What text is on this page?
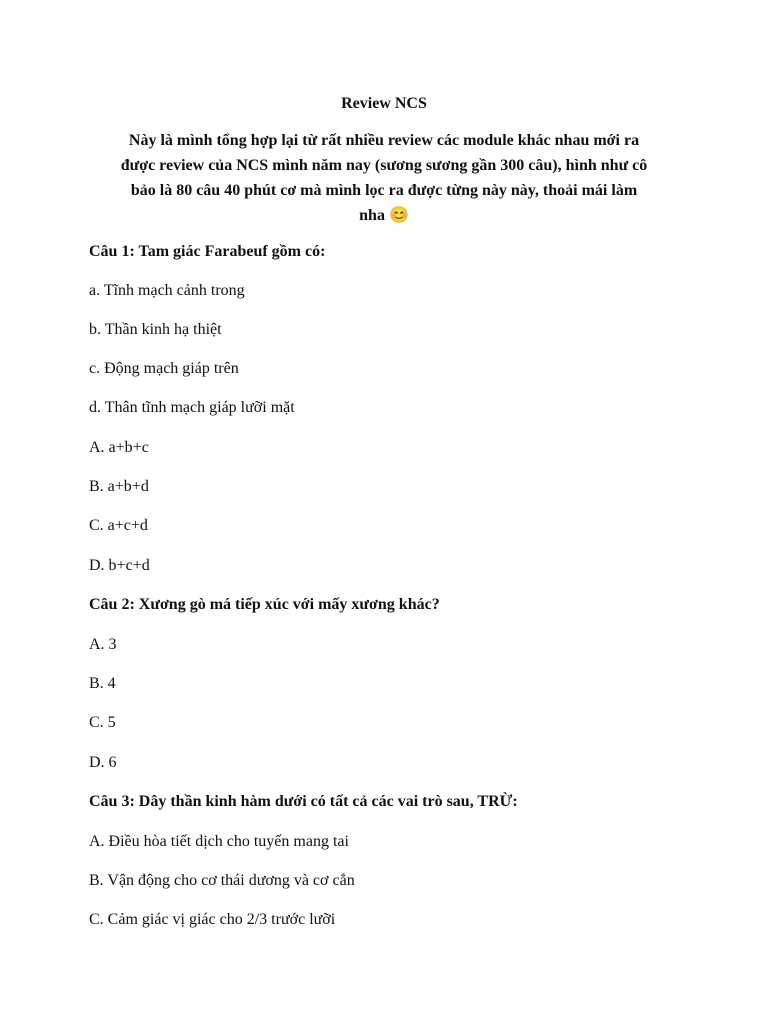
Review NCS
Này là mình tổng hợp lại từ rất nhiều review các module khác nhau mới ra được review của NCS mình năm nay (sương sương gần 300 câu), hình như cô bảo là 80 câu 40 phút cơ mà mình lọc ra được từng này này, thoải mái làm nha 😊
Câu 1: Tam giác Farabeuf gồm có:
a. Tĩnh mạch cảnh trong
b. Thần kinh hạ thiệt
c. Động mạch giáp trên
d. Thân tĩnh mạch giáp lưỡi mặt
A. a+b+c
B. a+b+d
C. a+c+d
D. b+c+d
Câu 2: Xương gò má tiếp xúc với mấy xương khác?
A. 3
B. 4
C. 5
D. 6
Câu 3: Dây thần kinh hàm dưới có tất cả các vai trò sau, TRỪ:
A. Điều hòa tiết dịch cho tuyến mang tai
B. Vận động cho cơ thái dương và cơ cắn
C. Cảm giác vị giác cho 2/3 trước lưỡi
